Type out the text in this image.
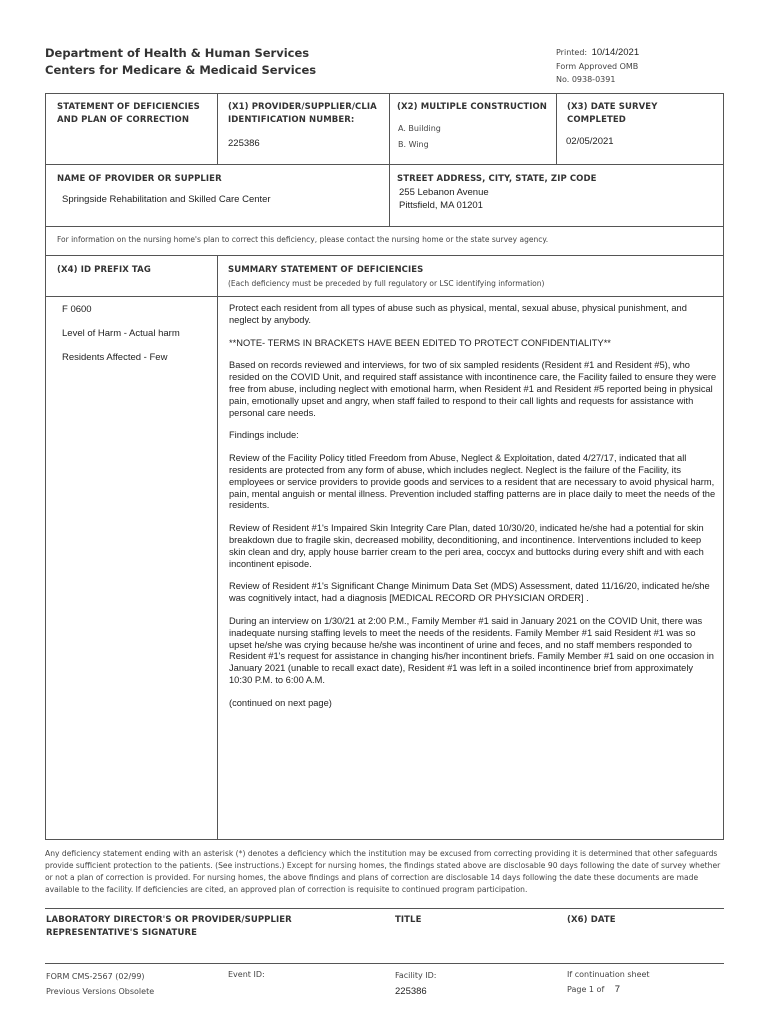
Department of Health & Human Services
Centers for Medicare & Medicaid Services
Printed: 10/14/2021
Form Approved OMB
No. 0938-0391
STATEMENT OF DEFICIENCIES AND PLAN OF CORRECTION
(X1) PROVIDER/SUPPLIER/CLIA IDENTIFICATION NUMBER:
225386
(X2) MULTIPLE CONSTRUCTION
A. Building
B. Wing
(X3) DATE SURVEY COMPLETED
02/05/2021
NAME OF PROVIDER OR SUPPLIER
Springside Rehabilitation and Skilled Care Center
STREET ADDRESS, CITY, STATE, ZIP CODE
255 Lebanon Avenue
Pittsfield, MA 01201
For information on the nursing home's plan to correct this deficiency, please contact the nursing home or the state survey agency.
(X4) ID PREFIX TAG	SUMMARY STATEMENT OF DEFICIENCIES
(Each deficiency must be preceded by full regulatory or LSC identifying information)
F 0600
Level of Harm - Actual harm
Residents Affected - Few

Protect each resident from all types of abuse such as physical, mental, sexual abuse, physical punishment, and neglect by anybody.

**NOTE- TERMS IN BRACKETS HAVE BEEN EDITED TO PROTECT CONFIDENTIALITY**

Based on records reviewed and interviews, for two of six sampled residents (Resident #1 and Resident #5), who resided on the COVID Unit, and required staff assistance with incontinence care, the Facility failed to ensure they were free from abuse, including neglect with emotional harm, when Resident #1 and Resident #5 reported being in physical pain, emotionally upset and angry, when staff failed to respond to their call lights and requests for assistance with personal care needs.

Findings include:

Review of the Facility Policy titled Freedom from Abuse, Neglect & Exploitation, dated 4/27/17, indicated that all residents are protected from any form of abuse, which includes neglect. Neglect is the failure of the Facility, its employees or service providers to provide goods and services to a resident that are necessary to avoid physical harm, pain, mental anguish or mental illness. Prevention included staffing patterns are in place daily to meet the needs of the residents.

Review of Resident #1's Impaired Skin Integrity Care Plan, dated 10/30/20, indicated he/she had a potential for skin breakdown due to fragile skin, decreased mobility, deconditioning, and incontinence. Interventions included to keep skin clean and dry, apply house barrier cream to the peri area, coccyx and buttocks during every shift and with each incontinent episode.

Review of Resident #1's Significant Change Minimum Data Set (MDS) Assessment, dated 11/16/20, indicated he/she was cognitively intact, had a diagnosis [MEDICAL RECORD OR PHYSICIAN ORDER] .

During an interview on 1/30/21 at 2:00 P.M., Family Member #1 said in January 2021 on the COVID Unit, there was inadequate nursing staffing levels to meet the needs of the residents. Family Member #1 said Resident #1 was so upset he/she was crying because he/she was incontinent of urine and feces, and no staff members responded to Resident #1's request for assistance in changing his/her incontinent briefs. Family Member #1 said on one occasion in January 2021 (unable to recall exact date), Resident #1 was left in a soiled incontinence brief from approximately 10:30 P.M. to 6:00 A.M.

(continued on next page)

Any deficiency statement ending with an asterisk (*) denotes a deficiency which the institution may be excused from correcting providing it is determined that other safeguards provide sufficient protection to the patients. (See instructions.) Except for nursing homes, the findings stated above are disclosable 90 days following the date of survey whether or not a plan of correction is provided. For nursing homes, the above findings and plans of correction are disclosable 14 days following the date these documents are made available to the facility. If deficiencies are cited, an approved plan of correction is requisite to continued program participation.
LABORATORY DIRECTOR'S OR PROVIDER/SUPPLIER REPRESENTATIVE'S SIGNATURE
TITLE	(X6) DATE
FORM CMS-2567 (02/99)
Previous Versions Obsolete
Event ID:	Facility ID:
225386
If continuation sheet
Page 1 of 7
